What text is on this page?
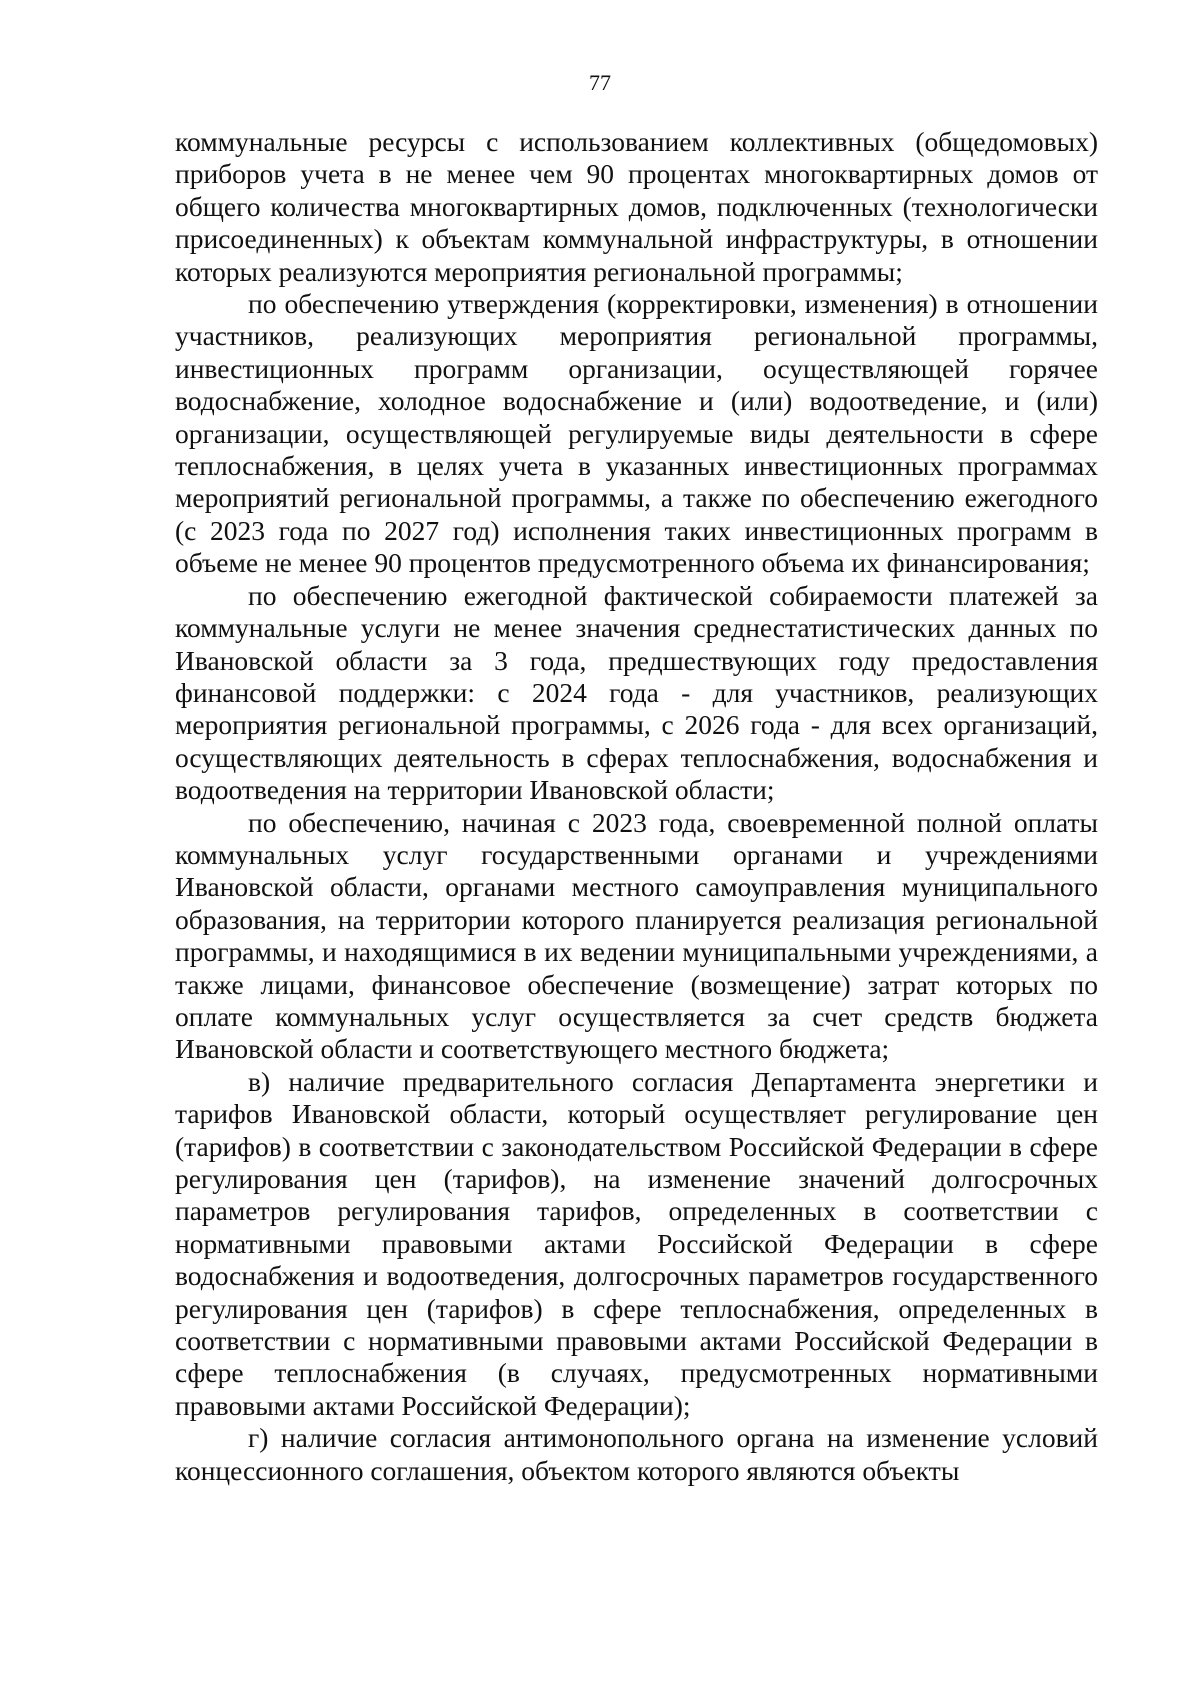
77

коммунальные ресурсы с использованием коллективных (общедомовых) приборов учета в не менее чем 90 процентах многоквартирных домов от общего количества многоквартирных домов, подключенных (технологически присоединенных) к объектам коммунальной инфраструктуры, в отношении которых реализуются мероприятия региональной программы;

по обеспечению утверждения (корректировки, изменения) в отношении участников, реализующих мероприятия региональной программы, инвестиционных программ организации, осуществляющей горячее водоснабжение, холодное водоснабжение и (или) водоотведение, и (или) организации, осуществляющей регулируемые виды деятельности в сфере теплоснабжения, в целях учета в указанных инвестиционных программах мероприятий региональной программы, а также по обеспечению ежегодного (с 2023 года по 2027 год) исполнения таких инвестиционных программ в объеме не менее 90 процентов предусмотренного объема их финансирования;

по обеспечению ежегодной фактической собираемости платежей за коммунальные услуги не менее значения среднестатистических данных по Ивановской области за 3 года, предшествующих году предоставления финансовой поддержки: с 2024 года - для участников, реализующих мероприятия региональной программы, с 2026 года - для всех организаций, осуществляющих деятельность в сферах теплоснабжения, водоснабжения и водоотведения на территории Ивановской области;

по обеспечению, начиная с 2023 года, своевременной полной оплаты коммунальных услуг государственными органами и учреждениями Ивановской области, органами местного самоуправления муниципального образования, на территории которого планируется реализация региональной программы, и находящимися в их ведении муниципальными учреждениями, а также лицами, финансовое обеспечение (возмещение) затрат которых по оплате коммунальных услуг осуществляется за счет средств бюджета Ивановской области и соответствующего местного бюджета;

в) наличие предварительного согласия Департамента энергетики и тарифов Ивановской области, который осуществляет регулирование цен (тарифов) в соответствии с законодательством Российской Федерации в сфере регулирования цен (тарифов), на изменение значений долгосрочных параметров регулирования тарифов, определенных в соответствии с нормативными правовыми актами Российской Федерации в сфере водоснабжения и водоотведения, долгосрочных параметров государственного регулирования цен (тарифов) в сфере теплоснабжения, определенных в соответствии с нормативными правовыми актами Российской Федерации в сфере теплоснабжения (в случаях, предусмотренных нормативными правовыми актами Российской Федерации);

г) наличие согласия антимонопольного органа на изменение условий концессионного соглашения, объектом которого являются объекты
